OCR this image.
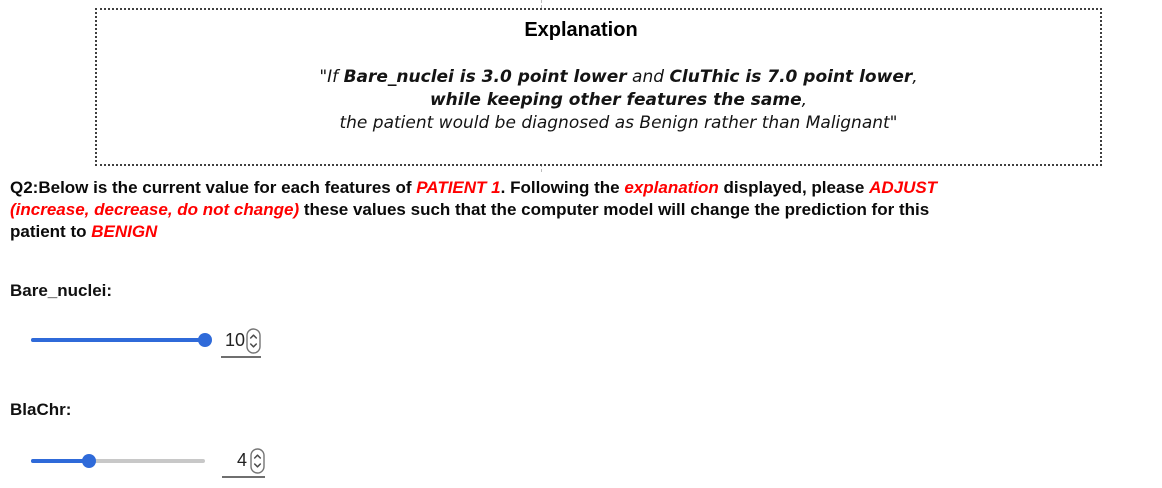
Explanation
"If Bare_nuclei is 3.0 point lower and CluThic is 7.0 point lower,
while keeping other features the same,
the patient would be diagnosed as Benign rather than Malignant"
Q2:Below is the current value for each features of PATIENT 1. Following the explanation displayed, please ADJUST
(increase, decrease, do not change) these values such that the computer model will change the prediction for this
patient to BENIGN
Bare_nuclei:
10
BlaChr:
4
